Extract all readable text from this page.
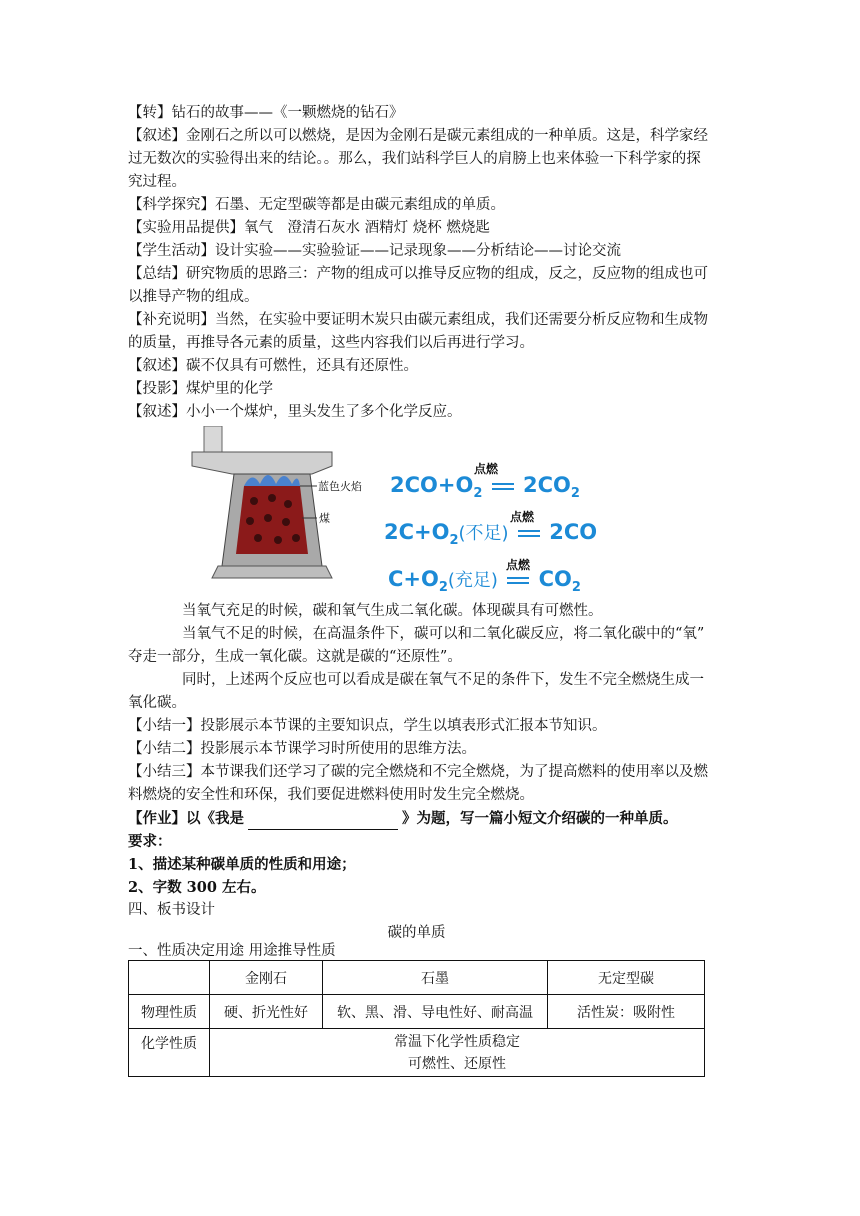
【转】钻石的故事——《一颗燃烧的钻石》
【叙述】金刚石之所以可以燃烧，是因为金刚石是碳元素组成的一种单质。这是，科学家经
过无数次的实验得出来的结论。。那么，我们站科学巨人的肩膀上也来体验一下科学家的探
究过程。
【科学探究】石墨、无定型碳等都是由碳元素组成的单质。
【实验用品提供】氧气　澄清石灰水 酒精灯 烧杯 燃烧匙
【学生活动】设计实验——实验验证——记录现象——分析结论——讨论交流
【总结】研究物质的思路三：产物的组成可以推导反应物的组成，反之，反应物的组成也可
以推导产物的组成。
【补充说明】当然，在实验中要证明木炭只由碳元素组成，我们还需要分析反应物和生成物
的质量，再推导各元素的质量，这些内容我们以后再进行学习。
【叙述】碳不仅具有可燃性，还具有还原性。
【投影】煤炉里的化学
【叙述】小小一个煤炉，里头发生了多个化学反应。
蓝色火焰
煤
点燃
$2CO+O_2$ $2CO_2$
点燃
$2C+O_2$(不足) 2CO
点燃
$C+O_2$(充足) $CO_2$
当氧气充足的时候，碳和氧气生成二氧化碳。体现碳具有可燃性。
当氧气不足的时候，在高温条件下，碳可以和二氧化碳反应，将二氧化碳中的“氧”
夺走一部分，生成一氧化碳。这就是碳的“还原性”。
同时，上述两个反应也可以看成是碳在氧气不足的条件下，发生不完全燃烧生成一
氧化碳。
【小结一】投影展示本节课的主要知识点，学生以填表形式汇报本节知识。
【小结二】投影展示本节课学习时所使用的思维方法。
【小结三】本节课我们还学习了碳的完全燃烧和不完全燃烧，为了提高燃料的使用率以及燃
料燃烧的安全性和环保，我们要促进燃料使用时发生完全燃烧。
【作业】以《我是	》为题，写一篇小短文介绍碳的一种单质。
要求：
1、描述某种碳单质的性质和用途；
2、字数 300 左右。
四、板书设计
碳的单质
一、性质决定用途 用途推导性质
	金刚石	石墨	无定型碳
物理性质	硬、折光性好	软、黑、滑、导电性好、耐高温	活性炭：吸附性
化学性质	常温下化学性质稳定
可燃性、还原性		
